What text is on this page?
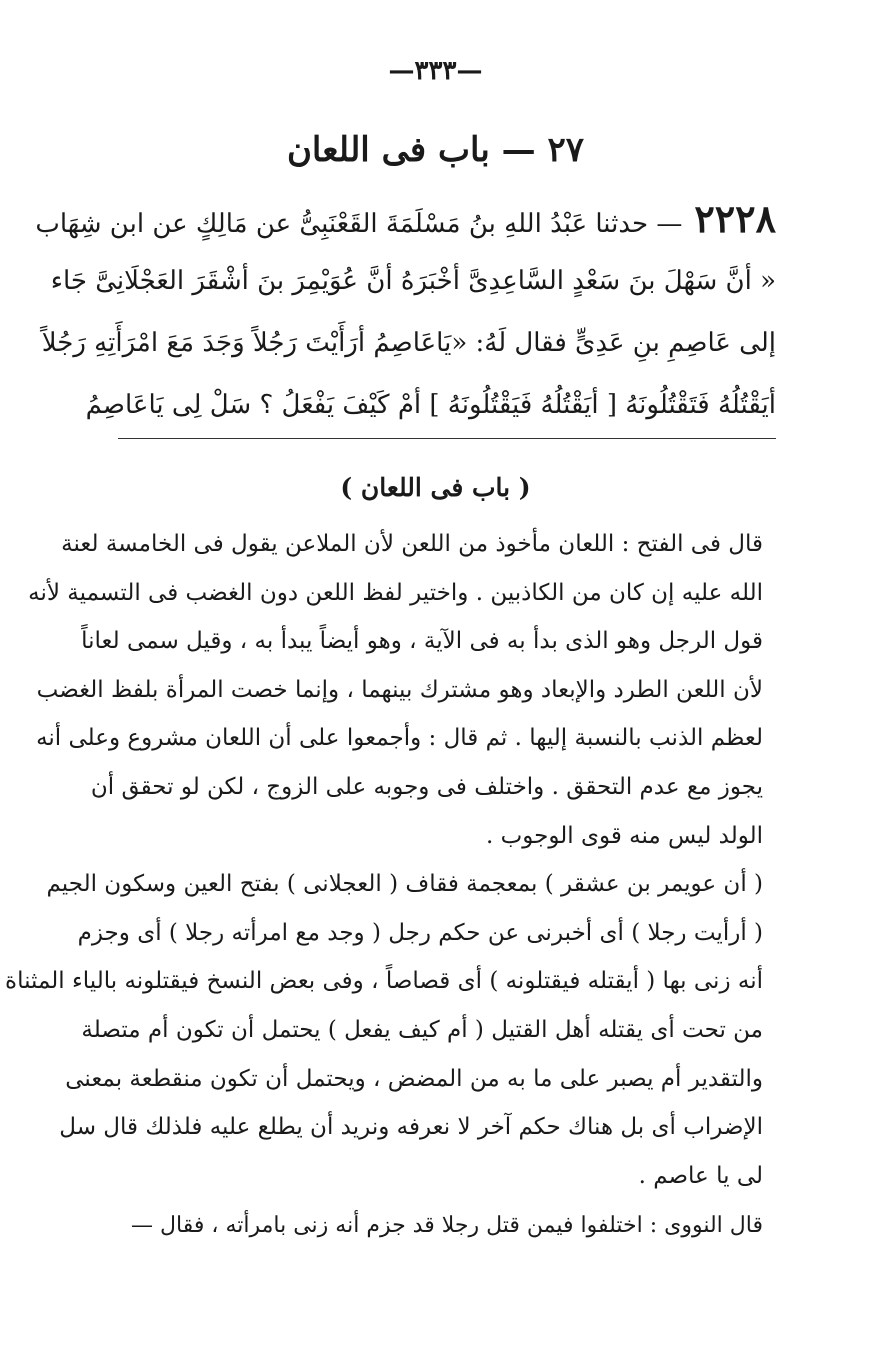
—٣٣٣—
٢٧ — باب فى اللعان
٢٢٢٨— حدثنا عَبْدُ اللهِ بنُ مَسْلَمَةَ القَعْنَبِىُّ عن مَالِكٍ عن ابن شِهَاب
« أنَّ سَهْلَ بنَ سَعْدٍ السَّاعِدِىَّ أخْبَرَهُ أنَّ عُوَيْمِرَ بنَ أشْقَرَ العَجْلَانِىَّ جَاء
إلى عَاصِمِ بنِ عَدِىٍّ فقال لَهُ: «يَاعَاصِمُ أرَأَيْتَ رَجُلاً وَجَدَ مَعَ امْرَأَتِهِ رَجُلاً
أيَقْتُلُهُ فَتَقْتُلُونَهُ [ أيَقْتُلُهُ فَيَقْتُلُونَهُ ] أمْ كَيْفَ يَفْعَلُ ؟ سَلْ لِى يَاعَاصِمُ
( باب فى اللعان )
قال فى الفتح : اللعان مأخوذ من اللعن لأن الملاعن يقول فى الخامسة لعنة
الله عليه إن كان من الكاذبين . واختير لفظ اللعن دون الغضب فى التسمية لأنه
قول الرجل وهو الذى بدأ به فى الآية ، وهو أيضاً يبدأ به ، وقيل سمى لعاناً
لأن اللعن الطرد والإبعاد وهو مشترك بينهما ، وإنما خصت المرأة بلفظ الغضب
لعظم الذنب بالنسبة إليها . ثم قال : وأجمعوا على أن اللعان مشروع وعلى أنه
يجوز مع عدم التحقق . واختلف فى وجوبه على الزوج ، لكن لو تحقق أن
الولد ليس منه قوى الوجوب .
( أن عويمر بن عشقر ) بمعجمة فقاف ( العجلانى ) بفتح العين وسكون الجيم
( أرأيت رجلا ) أى أخبرنى عن حكم رجل ( وجد مع امرأته رجلا ) أى وجزم
أنه زنى بها ( أيقتله فيقتلونه ) أى قصاصاً ، وفى بعض النسخ فيقتلونه بالياء المثناة
من تحت أى يقتله أهل القتيل ( أم كيف يفعل ) يحتمل أن تكون أم متصلة
والتقدير أم يصبر على ما به من المضض ، ويحتمل أن تكون منقطعة بمعنى
الإضراب أى بل هناك حكم آخر لا نعرفه ونريد أن يطلع عليه فلذلك قال سل
لى يا عاصم .
قال النووى : اختلفوا فيمن قتل رجلا قد جزم أنه زنى بامرأته ، فقال —
